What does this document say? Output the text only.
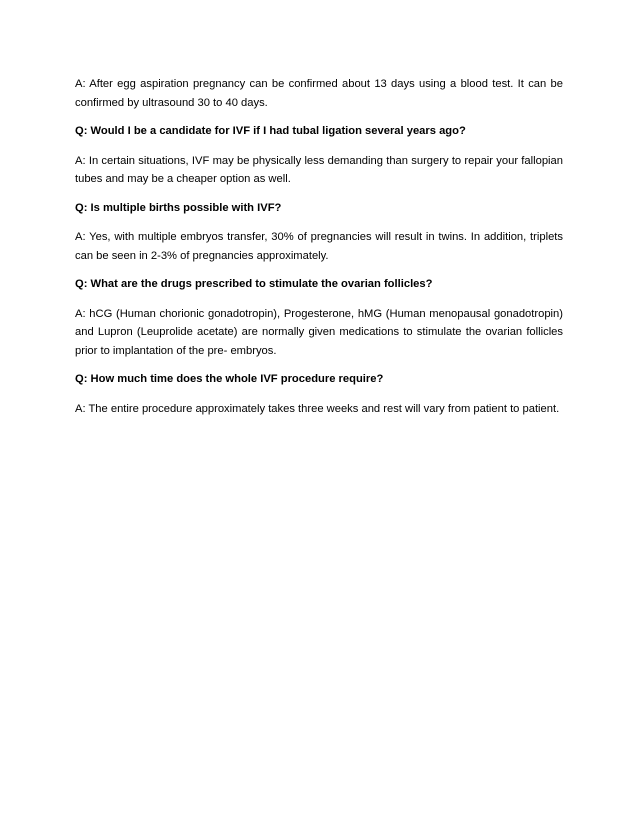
A: After egg aspiration pregnancy can be confirmed about 13 days using a blood test. It can be confirmed by ultrasound 30 to 40 days.

Q: Would I be a candidate for IVF if I had tubal ligation several years ago?

A: In certain situations, IVF may be physically less demanding than surgery to repair your fallopian tubes and may be a cheaper option as well.

Q: Is multiple births possible with IVF?

A: Yes, with multiple embryos transfer, 30% of pregnancies will result in twins. In addition, triplets can be seen in 2-3% of pregnancies approximately.

Q: What are the drugs prescribed to stimulate the ovarian follicles?

A: hCG (Human chorionic gonadotropin), Progesterone, hMG (Human menopausal gonadotropin) and Lupron (Leuprolide acetate) are normally given medications to stimulate the ovarian follicles prior to implantation of the pre- embryos.

Q: How much time does the whole IVF procedure require?

A: The entire procedure approximately takes three weeks and rest will vary from patient to patient.
